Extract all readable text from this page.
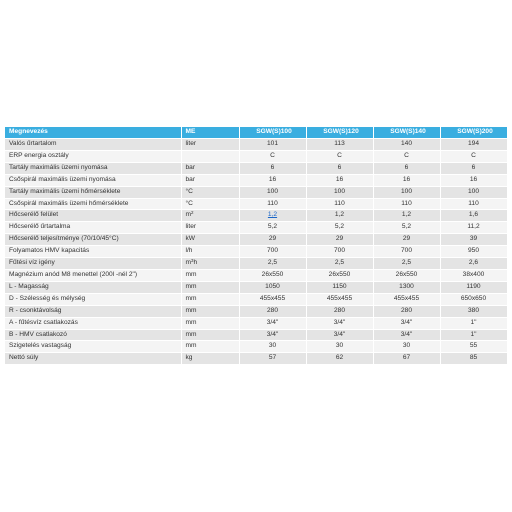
Megnevezés	ME	SGW(S)100	SGW(S)120	SGW(S)140	SGW(S)200
Valós űrtartalom	liter	101	113	140	194
ERP energia osztály		C	C	C	C
Tartály maximális üzemi nyomása	bar	6	6	6	6
Csőspirál maximális üzemi nyomása	bar	16	16	16	16
Tartály maximális üzemi hőmérséklete	°C	100	100	100	100
Csőspirál maximális üzemi hőmérséklete	°C	110	110	110	110
Hőcserélő felület	$m^2$	1,2	1,2	1,2	1,6
Hőcserélő űrtartalma	liter	5,2	5,2	5,2	11,2
Hőcserélő teljesítménye (70/10/45°C)	kW	29	29	29	39
Folyamatos HMV kapacitás	l/h	700	700	700	950
Fűtési víz igény	$m^3h$	2,5	2,5	2,5	2,6
Magnézium anód M8 menettel (200l -nél 2")	mm	26x550	26x550	26x550	38x400
L - Magasság	mm	1050	1150	1300	1190
D - Szélesség és mélység	mm	455x455	455x455	455x455	650x650
R - csonktávolság	mm	280	280	280	380
A - fűtésvíz csatlakozás	mm	3/4"	3/4"	3/4"	1"
B - HMV csatlakozó	mm	3/4"	3/4"	3/4"	1"
Szigetelés vastagság	mm	30	30	30	55
Nettó súly	kg	57	62	67	85
